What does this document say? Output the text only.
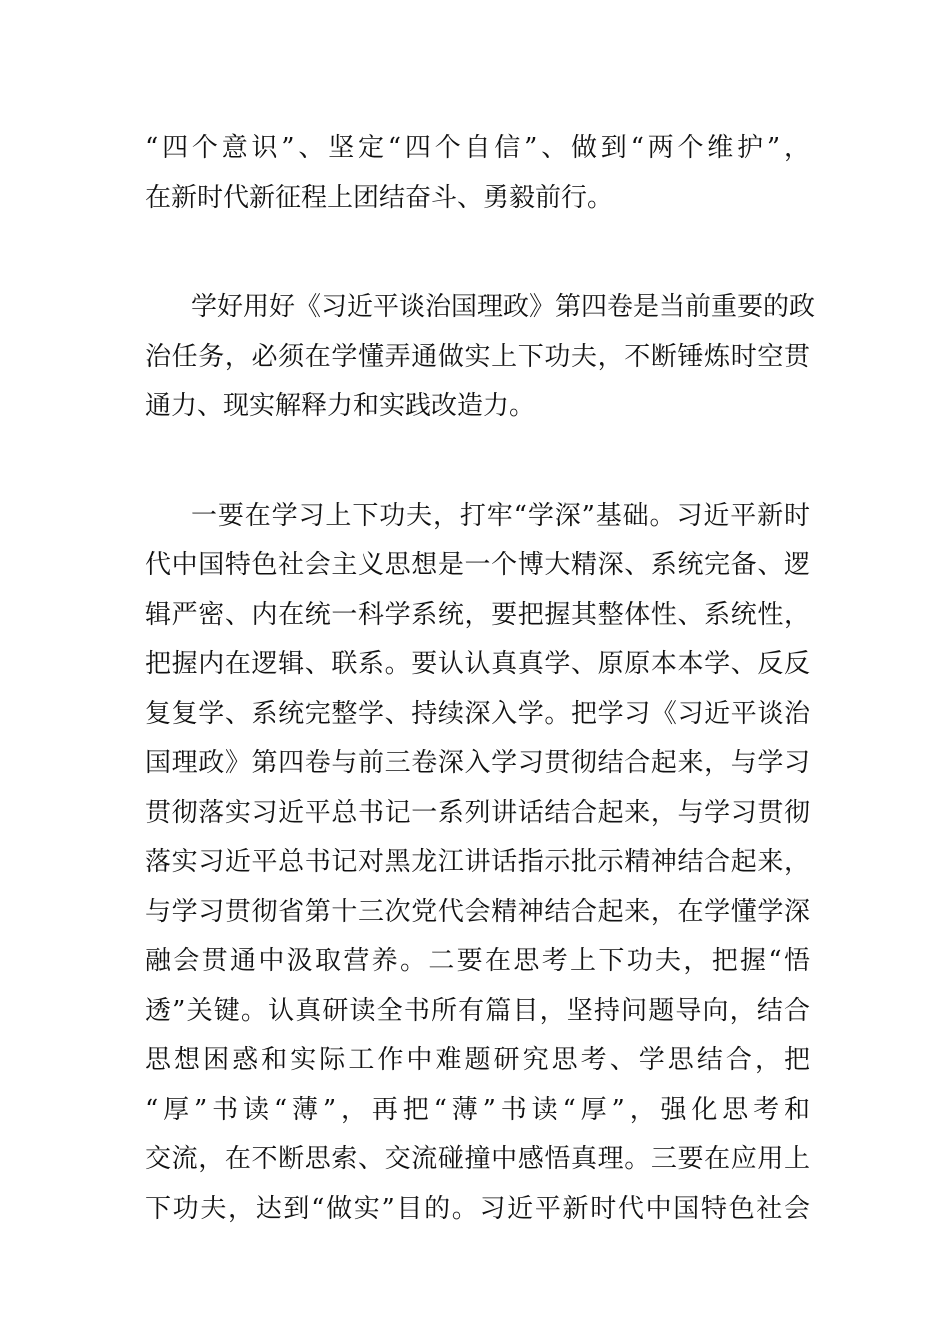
“四个意识”、坚定“四个自信”、做到“两个维护”，
在新时代新征程上团结奋斗、勇毅前行。
学好用好《习近平谈治国理政》第四卷是当前重要的政
治任务，必须在学懂弄通做实上下功夫，不断锤炼时空贯
通力、现实解释力和实践改造力。
一要在学习上下功夫，打牢“学深”基础。习近平新时
代中国特色社会主义思想是一个博大精深、系统完备、逻
辑严密、内在统一科学系统，要把握其整体性、系统性，
把握内在逻辑、联系。要认认真真学、原原本本学、反反
复复学、系统完整学、持续深入学。把学习《习近平谈治
国理政》第四卷与前三卷深入学习贯彻结合起来，与学习
贯彻落实习近平总书记一系列讲话结合起来，与学习贯彻
落实习近平总书记对黑龙江讲话指示批示精神结合起来，
与学习贯彻省第十三次党代会精神结合起来，在学懂学深
融会贯通中汲取营养。二要在思考上下功夫，把握“悟
透”关键。认真研读全书所有篇目，坚持问题导向，结合
思想困惑和实际工作中难题研究思考、学思结合，把
“厚”书读“薄”，再把“薄”书读“厚”，强化思考和
交流，在不断思索、交流碰撞中感悟真理。三要在应用上
下功夫，达到“做实”目的。习近平新时代中国特色社会
